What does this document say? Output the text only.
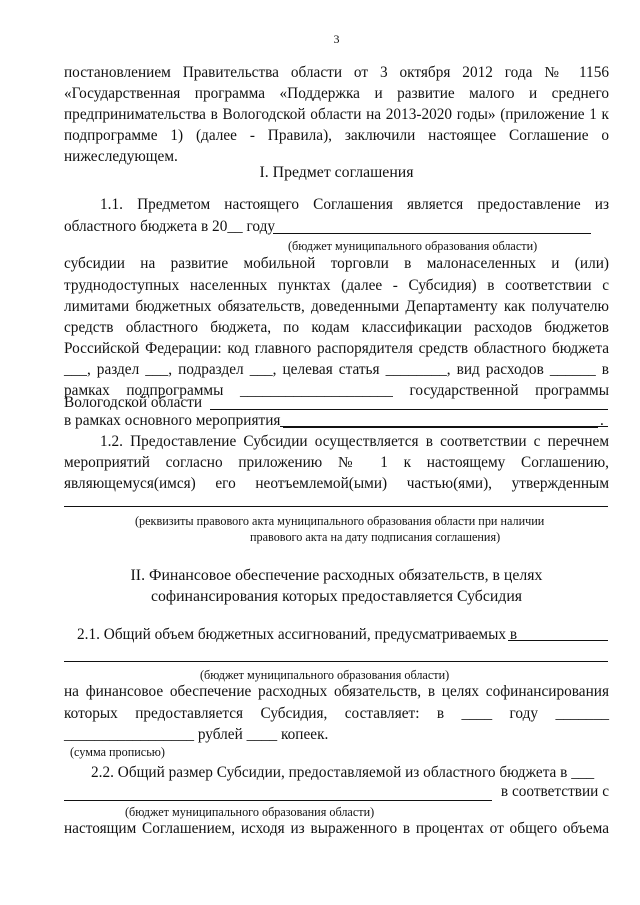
3
постановлением Правительства области от 3 октября 2012 года № 1156
«Государственная программа «Поддержка и развитие малого и среднего
предпринимательства в Вологодской области на 2013-2020 годы» (приложение 1 к
подпрограмме 1) (далее - Правила), заключили настоящее Соглашение о
нижеследующем.
I. Предмет соглашения
1.1. Предметом настоящего Соглашения является предоставление из
областного бюджета в 20__ году
(бюджет муниципального образования области)
субсидии на развитие мобильной торговли в малонаселенных и (или)
труднодоступных населенных пунктах (далее - Субсидия) в соответствии с
лимитами бюджетных обязательств, доведенными Департаменту как получателю
средств областного бюджета, по кодам классификации расходов бюджетов
Российской Федерации: код главного распорядителя средств областного бюджета
___, раздел ___, подраздел ___, целевая статья ________, вид расходов ______ в
рамках подпрограммы ____________________ государственной программы
Вологодской области
в рамках основного мероприятия	.
1.2. Предоставление Субсидии осуществляется в соответствии с перечнем
мероприятий согласно приложению № 1 к настоящему Соглашению,
являющемуся(имся) его неотъемлемой(ыми) частью(ями), утвержденным
(реквизиты правового акта муниципального образования области при наличии
правового акта на дату подписания соглашения)
II. Финансовое обеспечение расходных обязательств, в целях
софинансирования которых предоставляется Субсидия
2.1. Общий объем бюджетных ассигнований, предусматриваемых в
(бюджет муниципального образования области)
на финансовое обеспечение расходных обязательств, в целях софинансирования
которых предоставляется Субсидия, составляет: в ____ году _______
_________________ рублей ____ копеек.
(сумма прописью)
2.2. Общий размер Субсидии, предоставляемой из областного бюджета в ___
в соответствии с
(бюджет муниципального образования области)
настоящим Соглашением, исходя из выраженного в процентах от общего объема
